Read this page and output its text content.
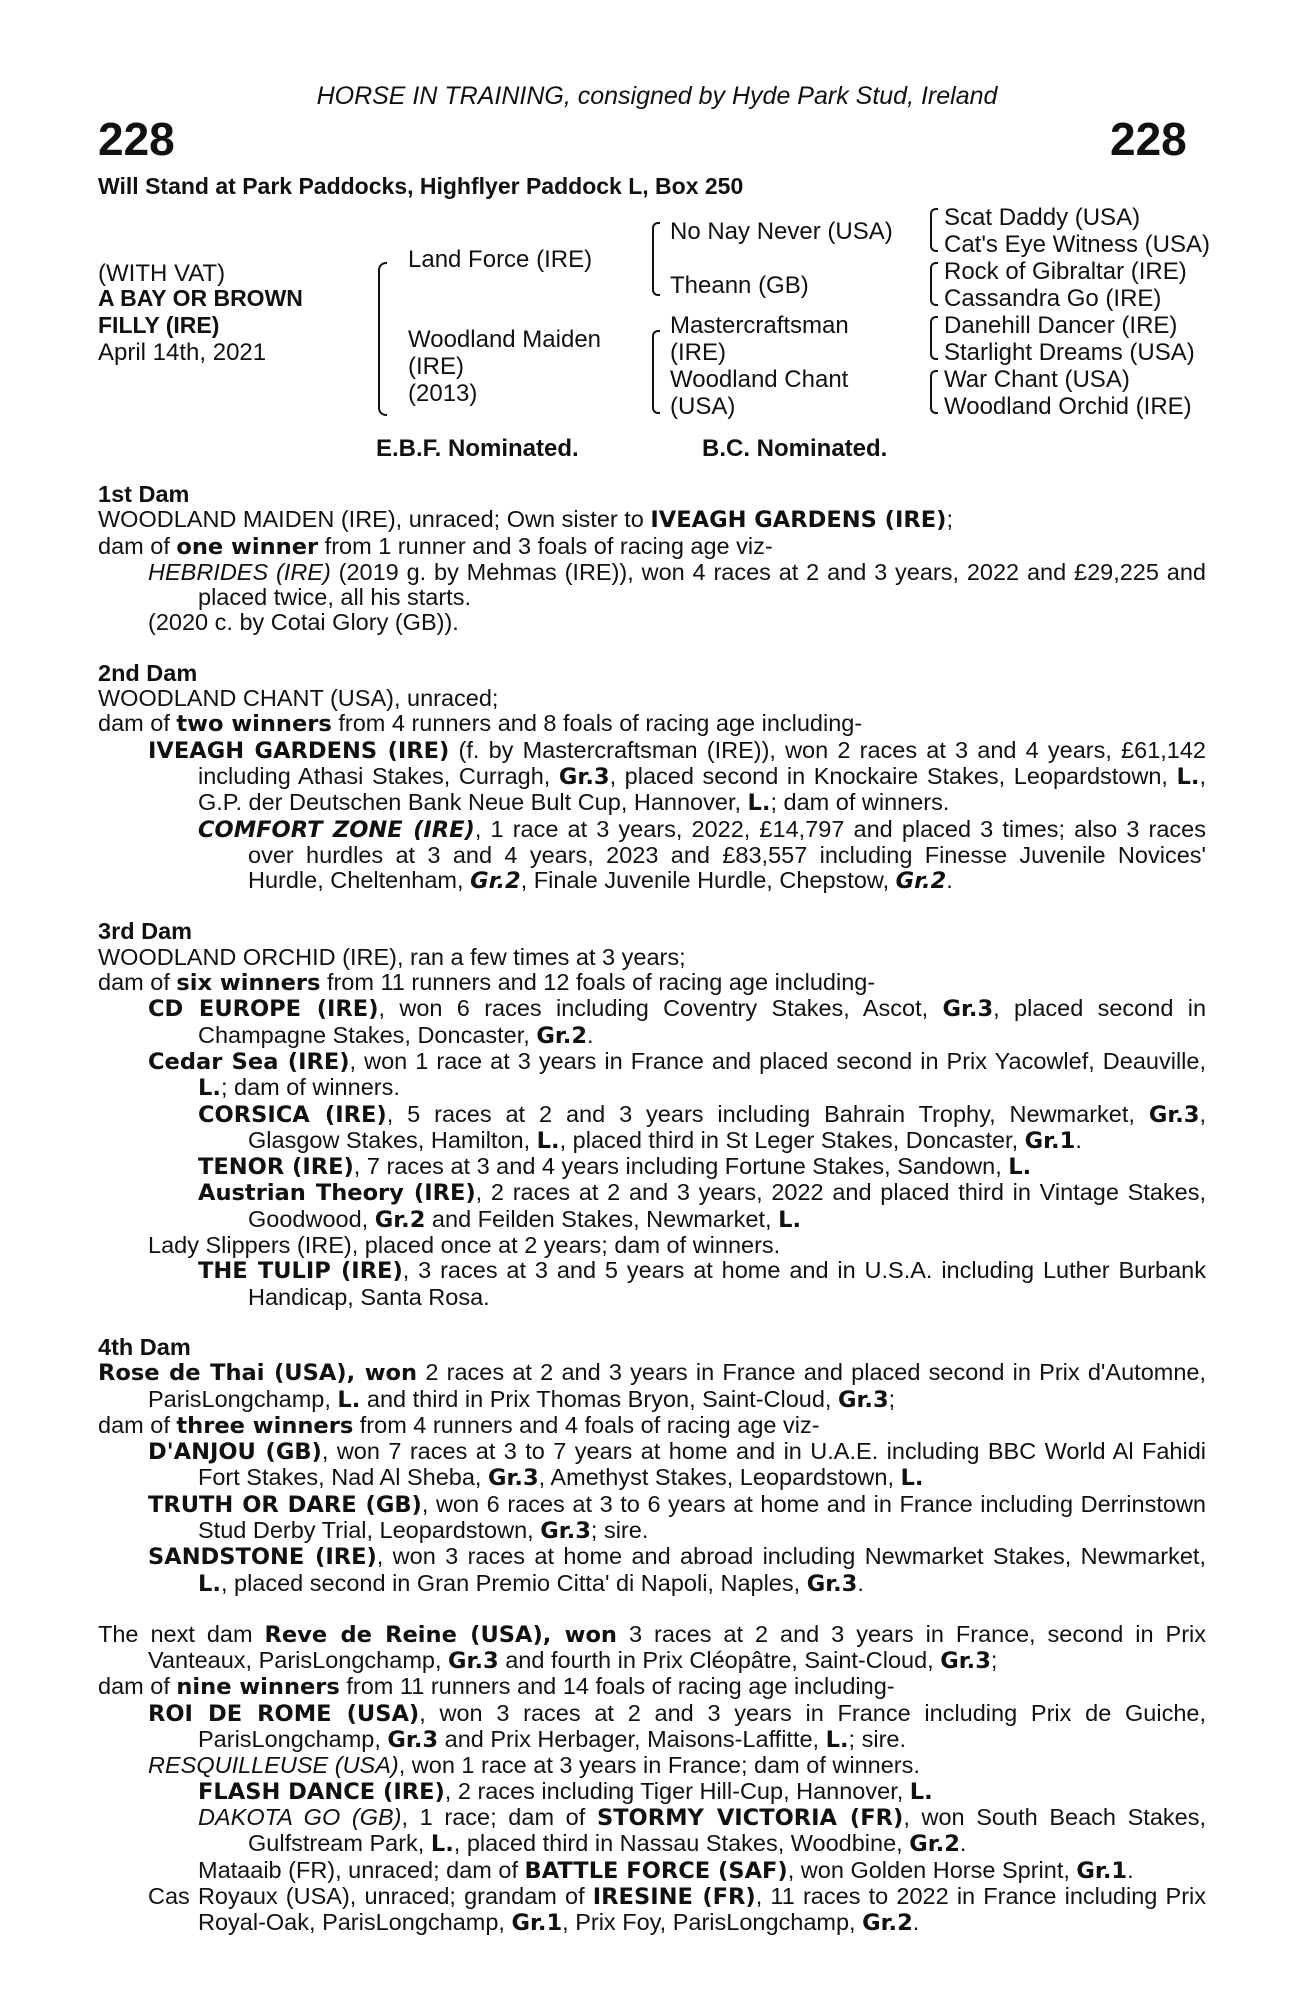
HORSE IN TRAINING, consigned by Hyde Park Stud, Ireland
228	228
Will Stand at Park Paddocks, Highflyer Paddock L, Box 250
(WITH VAT)
A BAY OR BROWN
FILLY (IRE)
April 14th, 2021
Land Force (IRE)
Woodland Maiden
(IRE)
(2013)
No Nay Never (USA)
Theann (GB)
Mastercraftsman
(IRE)
Woodland Chant
(USA)
Scat Daddy (USA)
Cat's Eye Witness (USA)
Rock of Gibraltar (IRE)
Cassandra Go (IRE)
Danehill Dancer (IRE)
Starlight Dreams (USA)
War Chant (USA)
Woodland Orchid (IRE)
E.B.F. Nominated.	B.C. Nominated.
1st Dam
WOODLAND MAIDEN (IRE), unraced; Own sister to IVEAGH GARDENS (IRE);
dam of one winner from 1 runner and 3 foals of racing age viz-
HEBRIDES (IRE) (2019 g. by Mehmas (IRE)), won 4 races at 2 and 3 years, 2022 and £29,225 and placed twice, all his starts.
(2020 c. by Cotai Glory (GB)).
2nd Dam
WOODLAND CHANT (USA), unraced;
dam of two winners from 4 runners and 8 foals of racing age including-
IVEAGH GARDENS (IRE) (f. by Mastercraftsman (IRE)), won 2 races at 3 and 4 years, £61,142 including Athasi Stakes, Curragh, Gr.3, placed second in Knockaire Stakes, Leopardstown, L., G.P. der Deutschen Bank Neue Bult Cup, Hannover, L.; dam of winners.
COMFORT ZONE (IRE), 1 race at 3 years, 2022, £14,797 and placed 3 times; also 3 races over hurdles at 3 and 4 years, 2023 and £83,557 including Finesse Juvenile Novices' Hurdle, Cheltenham, Gr.2, Finale Juvenile Hurdle, Chepstow, Gr.2.
3rd Dam
WOODLAND ORCHID (IRE), ran a few times at 3 years;
dam of six winners from 11 runners and 12 foals of racing age including-
CD EUROPE (IRE), won 6 races including Coventry Stakes, Ascot, Gr.3, placed second in Champagne Stakes, Doncaster, Gr.2.
Cedar Sea (IRE), won 1 race at 3 years in France and placed second in Prix Yacowlef, Deauville, L.; dam of winners.
CORSICA (IRE), 5 races at 2 and 3 years including Bahrain Trophy, Newmarket, Gr.3, Glasgow Stakes, Hamilton, L., placed third in St Leger Stakes, Doncaster, Gr.1.
TENOR (IRE), 7 races at 3 and 4 years including Fortune Stakes, Sandown, L.
Austrian Theory (IRE), 2 races at 2 and 3 years, 2022 and placed third in Vintage Stakes, Goodwood, Gr.2 and Feilden Stakes, Newmarket, L.
Lady Slippers (IRE), placed once at 2 years; dam of winners.
THE TULIP (IRE), 3 races at 3 and 5 years at home and in U.S.A. including Luther Burbank Handicap, Santa Rosa.
4th Dam
Rose de Thai (USA), won 2 races at 2 and 3 years in France and placed second in Prix d'Automne, ParisLongchamp, L. and third in Prix Thomas Bryon, Saint-Cloud, Gr.3;
dam of three winners from 4 runners and 4 foals of racing age viz-
D'ANJOU (GB), won 7 races at 3 to 7 years at home and in U.A.E. including BBC World Al Fahidi Fort Stakes, Nad Al Sheba, Gr.3, Amethyst Stakes, Leopardstown, L.
TRUTH OR DARE (GB), won 6 races at 3 to 6 years at home and in France including Derrinstown Stud Derby Trial, Leopardstown, Gr.3; sire.
SANDSTONE (IRE), won 3 races at home and abroad including Newmarket Stakes, Newmarket, L., placed second in Gran Premio Citta' di Napoli, Naples, Gr.3.
The next dam Reve de Reine (USA), won 3 races at 2 and 3 years in France, second in Prix Vanteaux, ParisLongchamp, Gr.3 and fourth in Prix Cléopâtre, Saint-Cloud, Gr.3;
dam of nine winners from 11 runners and 14 foals of racing age including-
ROI DE ROME (USA), won 3 races at 2 and 3 years in France including Prix de Guiche, ParisLongchamp, Gr.3 and Prix Herbager, Maisons-Laffitte, L.; sire.
RESQUILLEUSE (USA), won 1 race at 3 years in France; dam of winners.
FLASH DANCE (IRE), 2 races including Tiger Hill-Cup, Hannover, L.
DAKOTA GO (GB), 1 race; dam of STORMY VICTORIA (FR), won South Beach Stakes, Gulfstream Park, L., placed third in Nassau Stakes, Woodbine, Gr.2.
Mataaib (FR), unraced; dam of BATTLE FORCE (SAF), won Golden Horse Sprint, Gr.1.
Cas Royaux (USA), unraced; grandam of IRESINE (FR), 11 races to 2022 in France including Prix Royal-Oak, ParisLongchamp, Gr.1, Prix Foy, ParisLongchamp, Gr.2.
